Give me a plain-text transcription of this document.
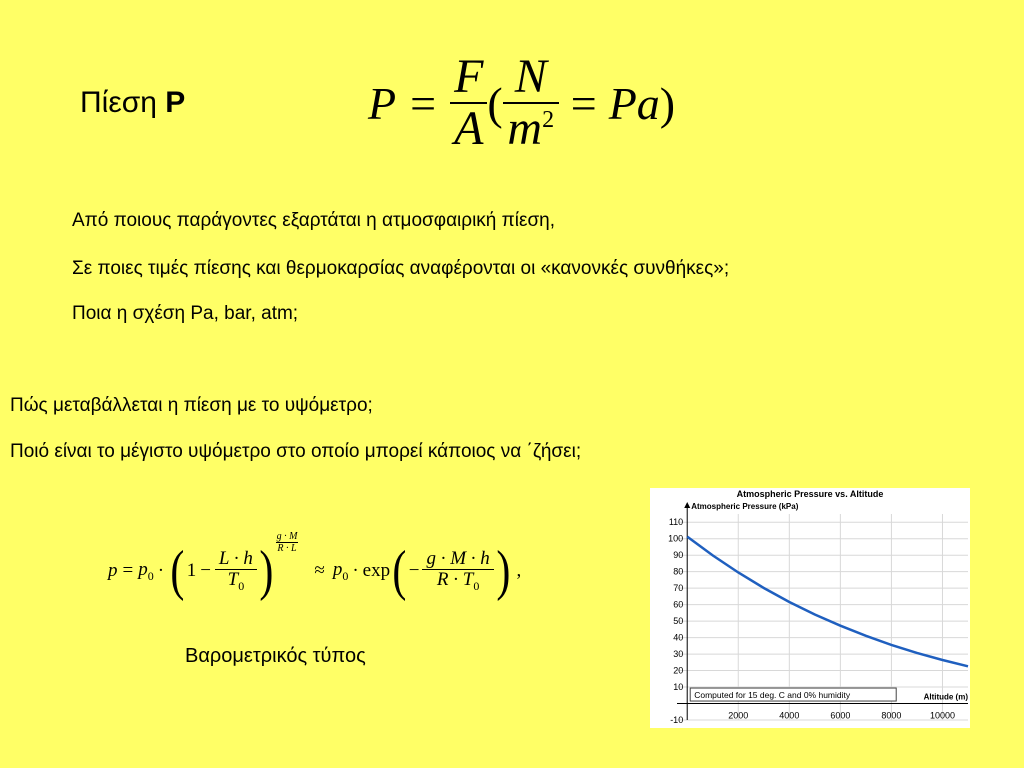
Πίεση P	$P = \frac{F}{A}$ ( $\frac{N}{m^2} = Pa$ )
Από ποιους παράγοντες εξαρτάται η ατμοσφαιρική πίεση,
Σε ποιες τιμές πίεσης και θερμοκαρσίας αναφέρονται οι «κανονκές συνθήκες»;
Ποια η σχέση Pa, bar, atm;
Πώς μεταβάλλεται η πίεση με το υψόμετρο;
Ποιό είναι το μέγιστο υψόμετρο στο οποίο μπορεί κάποιος να ΄ζήσει;
$p = p_0$ · ( $1 - \frac{L \cdot h}{T_0}$ ) $\frac{g \cdot M}{R \cdot L}$
≈ $p_0 \cdot \exp$ ( − $\frac{g \cdot M \cdot h}{R \cdot T_0}$ ) ,
Βαρομετρικός τύπος
-10
10
20
30
40
50
60
70
80
90
100
110
2000	4000	6000	8000	10000
Atmospheric Pressure vs. Altitude
Atmospheric Pressure (kPa)
Altitude (m)
Computed for 15 deg. C and 0% humidity
